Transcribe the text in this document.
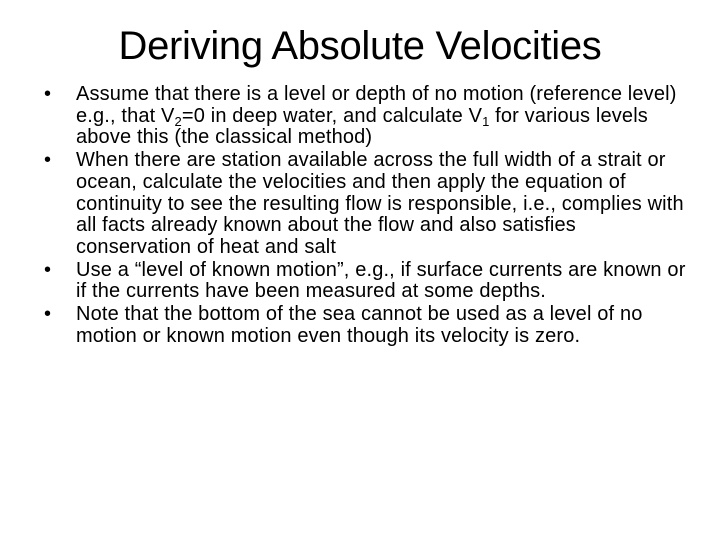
Deriving Absolute Velocities
• Assume that there is a level or depth of no motion (reference level) e.g., that $V_2=0$ in deep water, and calculate $V_1$ for various levels above this (the classical method)
• When there are station available across the full width of a strait or ocean, calculate the velocities and then apply the equation of continuity to see the resulting flow is responsible, i.e., complies with all facts already known about the flow and also satisfies conservation of heat and salt
• Use a “level of known motion”, e.g., if surface currents are known or if the currents have been measured at some depths.
• Note that the bottom of the sea cannot be used as a level of no motion or known motion even though its velocity is zero.
